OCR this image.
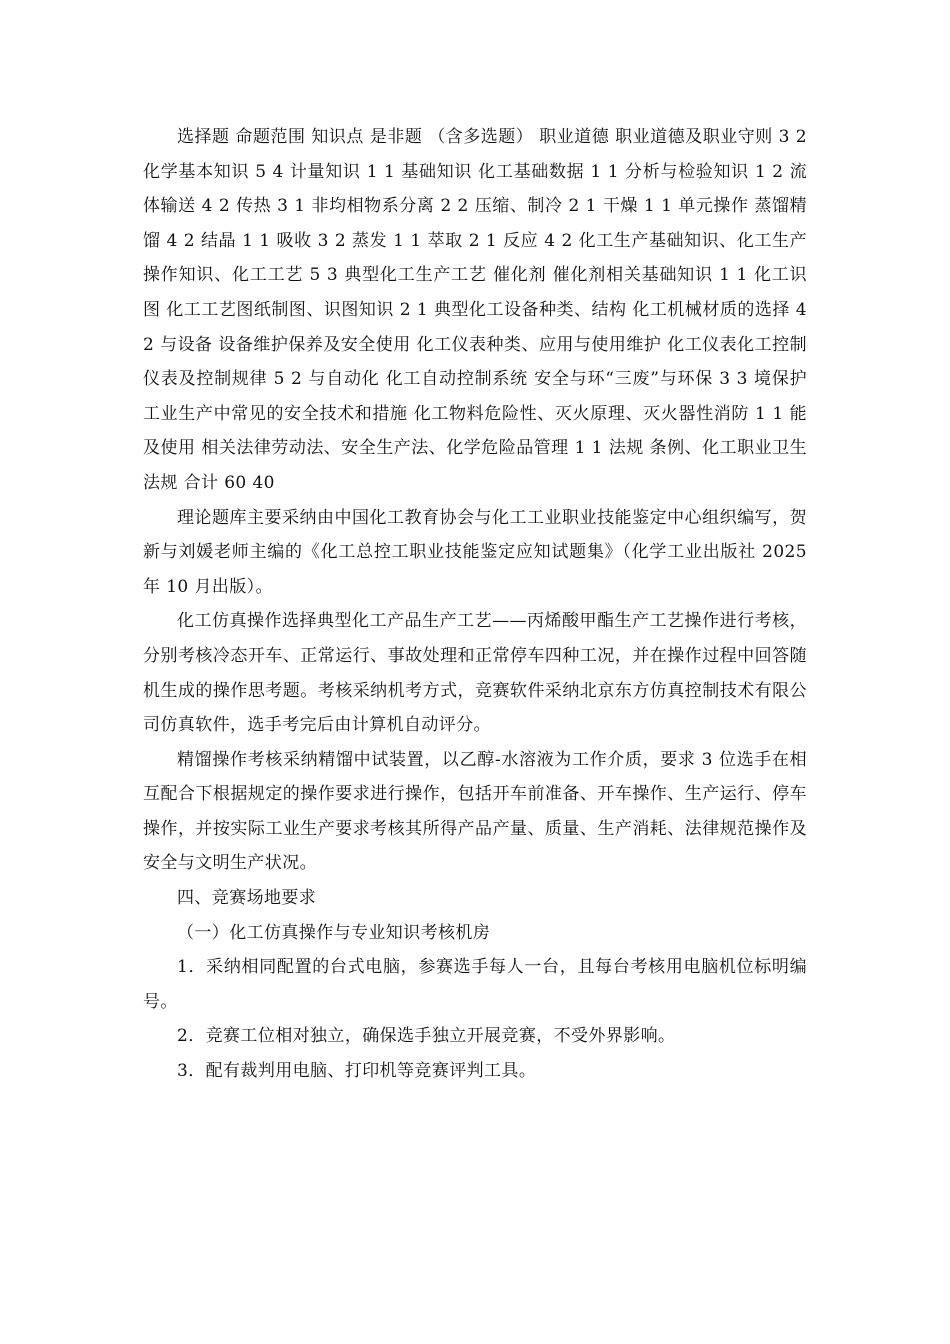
选择题 命题范围 知识点 是非题 （含多选题） 职业道德 职业道德及职业守则 3 2 化学基本知识 5 4 计量知识 1 1 基础知识 化工基础数据 1 1 分析与检验知识 1 2 流体输送 4 2 传热 3 1 非均相物系分离 2 2 压缩、制冷 2 1 干燥 1 1 单元操作 蒸馏精馏 4 2 结晶 1 1 吸收 3 2 蒸发 1 1 萃取 2 1 反应 4 2 化工生产基础知识、化工生产操作知识、化工工艺 5 3 典型化工生产工艺 催化剂 催化剂相关基础知识 1 1 化工识图 化工工艺图纸制图、识图知识 2 1 典型化工设备种类、结构 化工机械材质的选择 4 2 与设备 设备维护保养及安全使用 化工仪表种类、应用与使用维护 化工仪表化工控制仪表及控制规律 5 2 与自动化 化工自动控制系统 安全与环“三废”与环保 3 3 境保护 工业生产中常见的安全技术和措施 化工物料危险性、灭火原理、灭火器性消防 1 1 能及使用 相关法律劳动法、安全生产法、化学危险品管理 1 1 法规 条例、化工职业卫生法规 合计 60 40

理论题库主要采纳由中国化工教育协会与化工工业职业技能鉴定中心组织编写，贺新与刘媛老师主编的《化工总控工职业技能鉴定应知试题集》（化学工业出版社 2025 年 10 月出版）。

化工仿真操作选择典型化工产品生产工艺——丙烯酸甲酯生产工艺操作进行考核，分别考核冷态开车、正常运行、事故处理和正常停车四种工况，并在操作过程中回答随机生成的操作思考题。考核采纳机考方式，竞赛软件采纳北京东方仿真控制技术有限公司仿真软件，选手考完后由计算机自动评分。

精馏操作考核采纳精馏中试装置，以乙醇-水溶液为工作介质，要求 3 位选手在相互配合下根据规定的操作要求进行操作，包括开车前准备、开车操作、生产运行、停车操作，并按实际工业生产要求考核其所得产品产量、质量、生产消耗、法律规范操作及安全与文明生产状况。

四、竞赛场地要求

（一）化工仿真操作与专业知识考核机房

1．采纳相同配置的台式电脑，参赛选手每人一台，且每台考核用电脑机位标明编号。

2．竞赛工位相对独立，确保选手独立开展竞赛，不受外界影响。

3．配有裁判用电脑、打印机等竞赛评判工具。
